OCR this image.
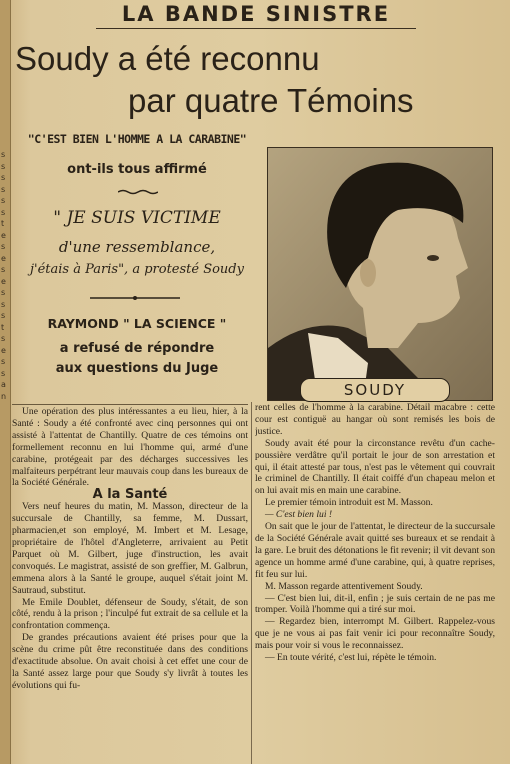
s
s
s
s
s
s
t
e
s
e
s
e
s
s
s
t
s
e
s
s
a
n
LA BANDE SINISTRE
Soudy a été reconnu
par quatre Témoins
"C'EST BIEN L'HOMME A LA CARABINE"
ont-ils tous affirmé
" JE SUIS VICTIME
d'une ressemblance,
j'étais à Paris", a protesté Soudy
RAYMOND " LA SCIENCE "
a refusé de répondre
aux questions du Juge
SOUDY

Une opération des plus intéressantes a eu lieu, hier, à la Santé : Soudy a été confronté avec cinq personnes qui ont assisté à l'attentat de Chantilly. Quatre de ces témoins ont formellement reconnu en lui l'homme qui, armé d'une carabine, protégeait par des décharges successives les malfaiteurs perpétrant leur mauvais coup dans les bureaux de la Société Générale.

A la Santé

Vers neuf heures du matin, M. Masson, directeur de la succursale de Chantilly, sa femme, M. Dussart, pharmacien,et son employé, M. Imbert et M. Lesage, propriétaire de l'hôtel d'Angleterre, arrivaient au Petit Parquet où M. Gilbert, juge d'instruction, les avait convoqués. Le magistrat, assisté de son greffier, M. Galbrun, emmena alors à la Santé le groupe, auquel s'était joint M. Sautraud, substitut.

Me Emile Doublet, défenseur de Soudy, s'était, de son côté, rendu à la prison ; l'inculpé fut extrait de sa cellule et la confrontation commença.

De grandes précautions avaient été prises pour que la scène du crime pût être reconstituée dans des conditions d'exactitude absolue. On avait choisi à cet effet une cour de la Santé assez large pour que Soudy s'y livrât à toutes les évolutions qui fu-

rent celles de l'homme à la carabine. Détail macabre : cette cour est contiguë au hangar où sont remisés les bois de justice.

Soudy avait été pour la circonstance revêtu d'un cache-poussière verdâtre qu'il portait le jour de son arrestation et qui, il était attesté par tous, n'est pas le vêtement qui couvrait le criminel de Chantilly. Il était coiffé d'un chapeau melon et on lui avait mis en main une carabine.

Le premier témoin introduit est M. Masson.

— C'est bien lui !

On sait que le jour de l'attentat, le directeur de la succursale de la Société Générale avait quitté ses bureaux et se rendait à la gare. Le bruit des détonations le fit revenir; il vit devant son agence un homme armé d'une carabine, qui, à quatre reprises, fit feu sur lui.

M. Masson regarde attentivement Soudy.

— C'est bien lui, dit-il, enfin ; je suis certain de ne pas me tromper. Voilà l'homme qui a tiré sur moi.

— Regardez bien, interrompt M. Gilbert. Rappelez-vous que je ne vous ai pas fait venir ici pour reconnaître Soudy, mais pour voir si vous le reconnaissez.

— En toute vérité, c'est lui, répète le témoin.
